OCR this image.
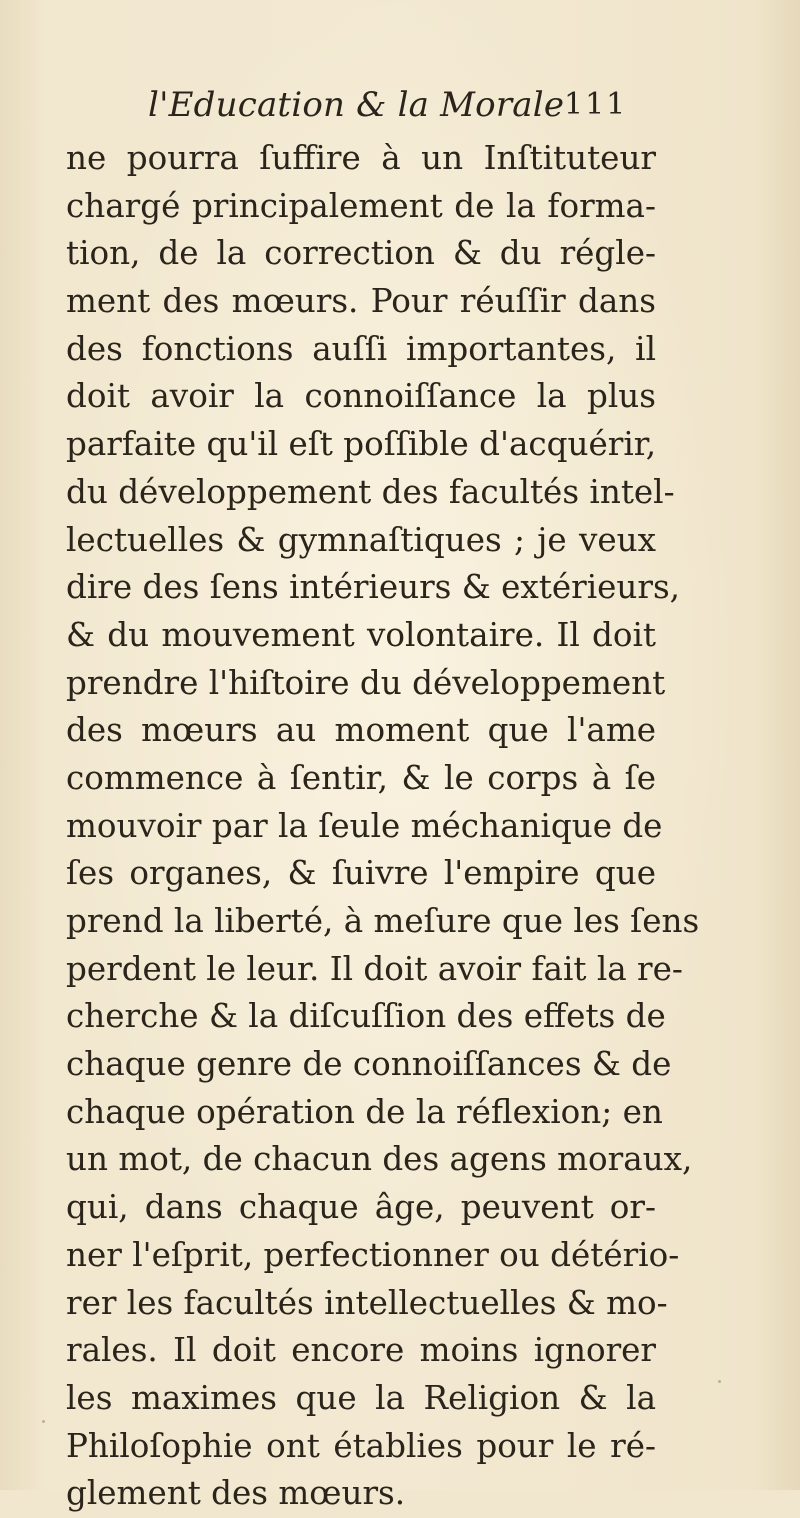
l'Education & la Morale 111
ne pourra ſuffire à un Inſtituteur
chargé principalement de la forma-
tion, de la correction & du régle-
ment des mœurs. Pour réuſſir dans
des fonctions auſſi importantes, il
doit avoir la connoiſſance la plus
parfaite qu'il eſt poſſible d'acquérir,
du développement des facultés intel-
lectuelles & gymnaſtiques ; je veux
dire des ſens intérieurs & extérieurs,
& du mouvement volontaire. Il doit
prendre l'hiſtoire du développement
des mœurs au moment que l'ame
commence à ſentir, & le corps à ſe
mouvoir par la ſeule méchanique de
ſes organes, & ſuivre l'empire que
prend la liberté, à meſure que les ſens
perdent le leur. Il doit avoir fait la re-
cherche & la diſcuſſion des effets de
chaque genre de connoiſſances & de
chaque opération de la réflexion; en
un mot, de chacun des agens moraux,
qui, dans chaque âge, peuvent or-
ner l'eſprit, perfectionner ou détério-
rer les facultés intellectuelles & mo-
rales. Il doit encore moins ignorer
les maximes que la Religion & la
Philoſophie ont établies pour le ré-
glement des mœurs.
